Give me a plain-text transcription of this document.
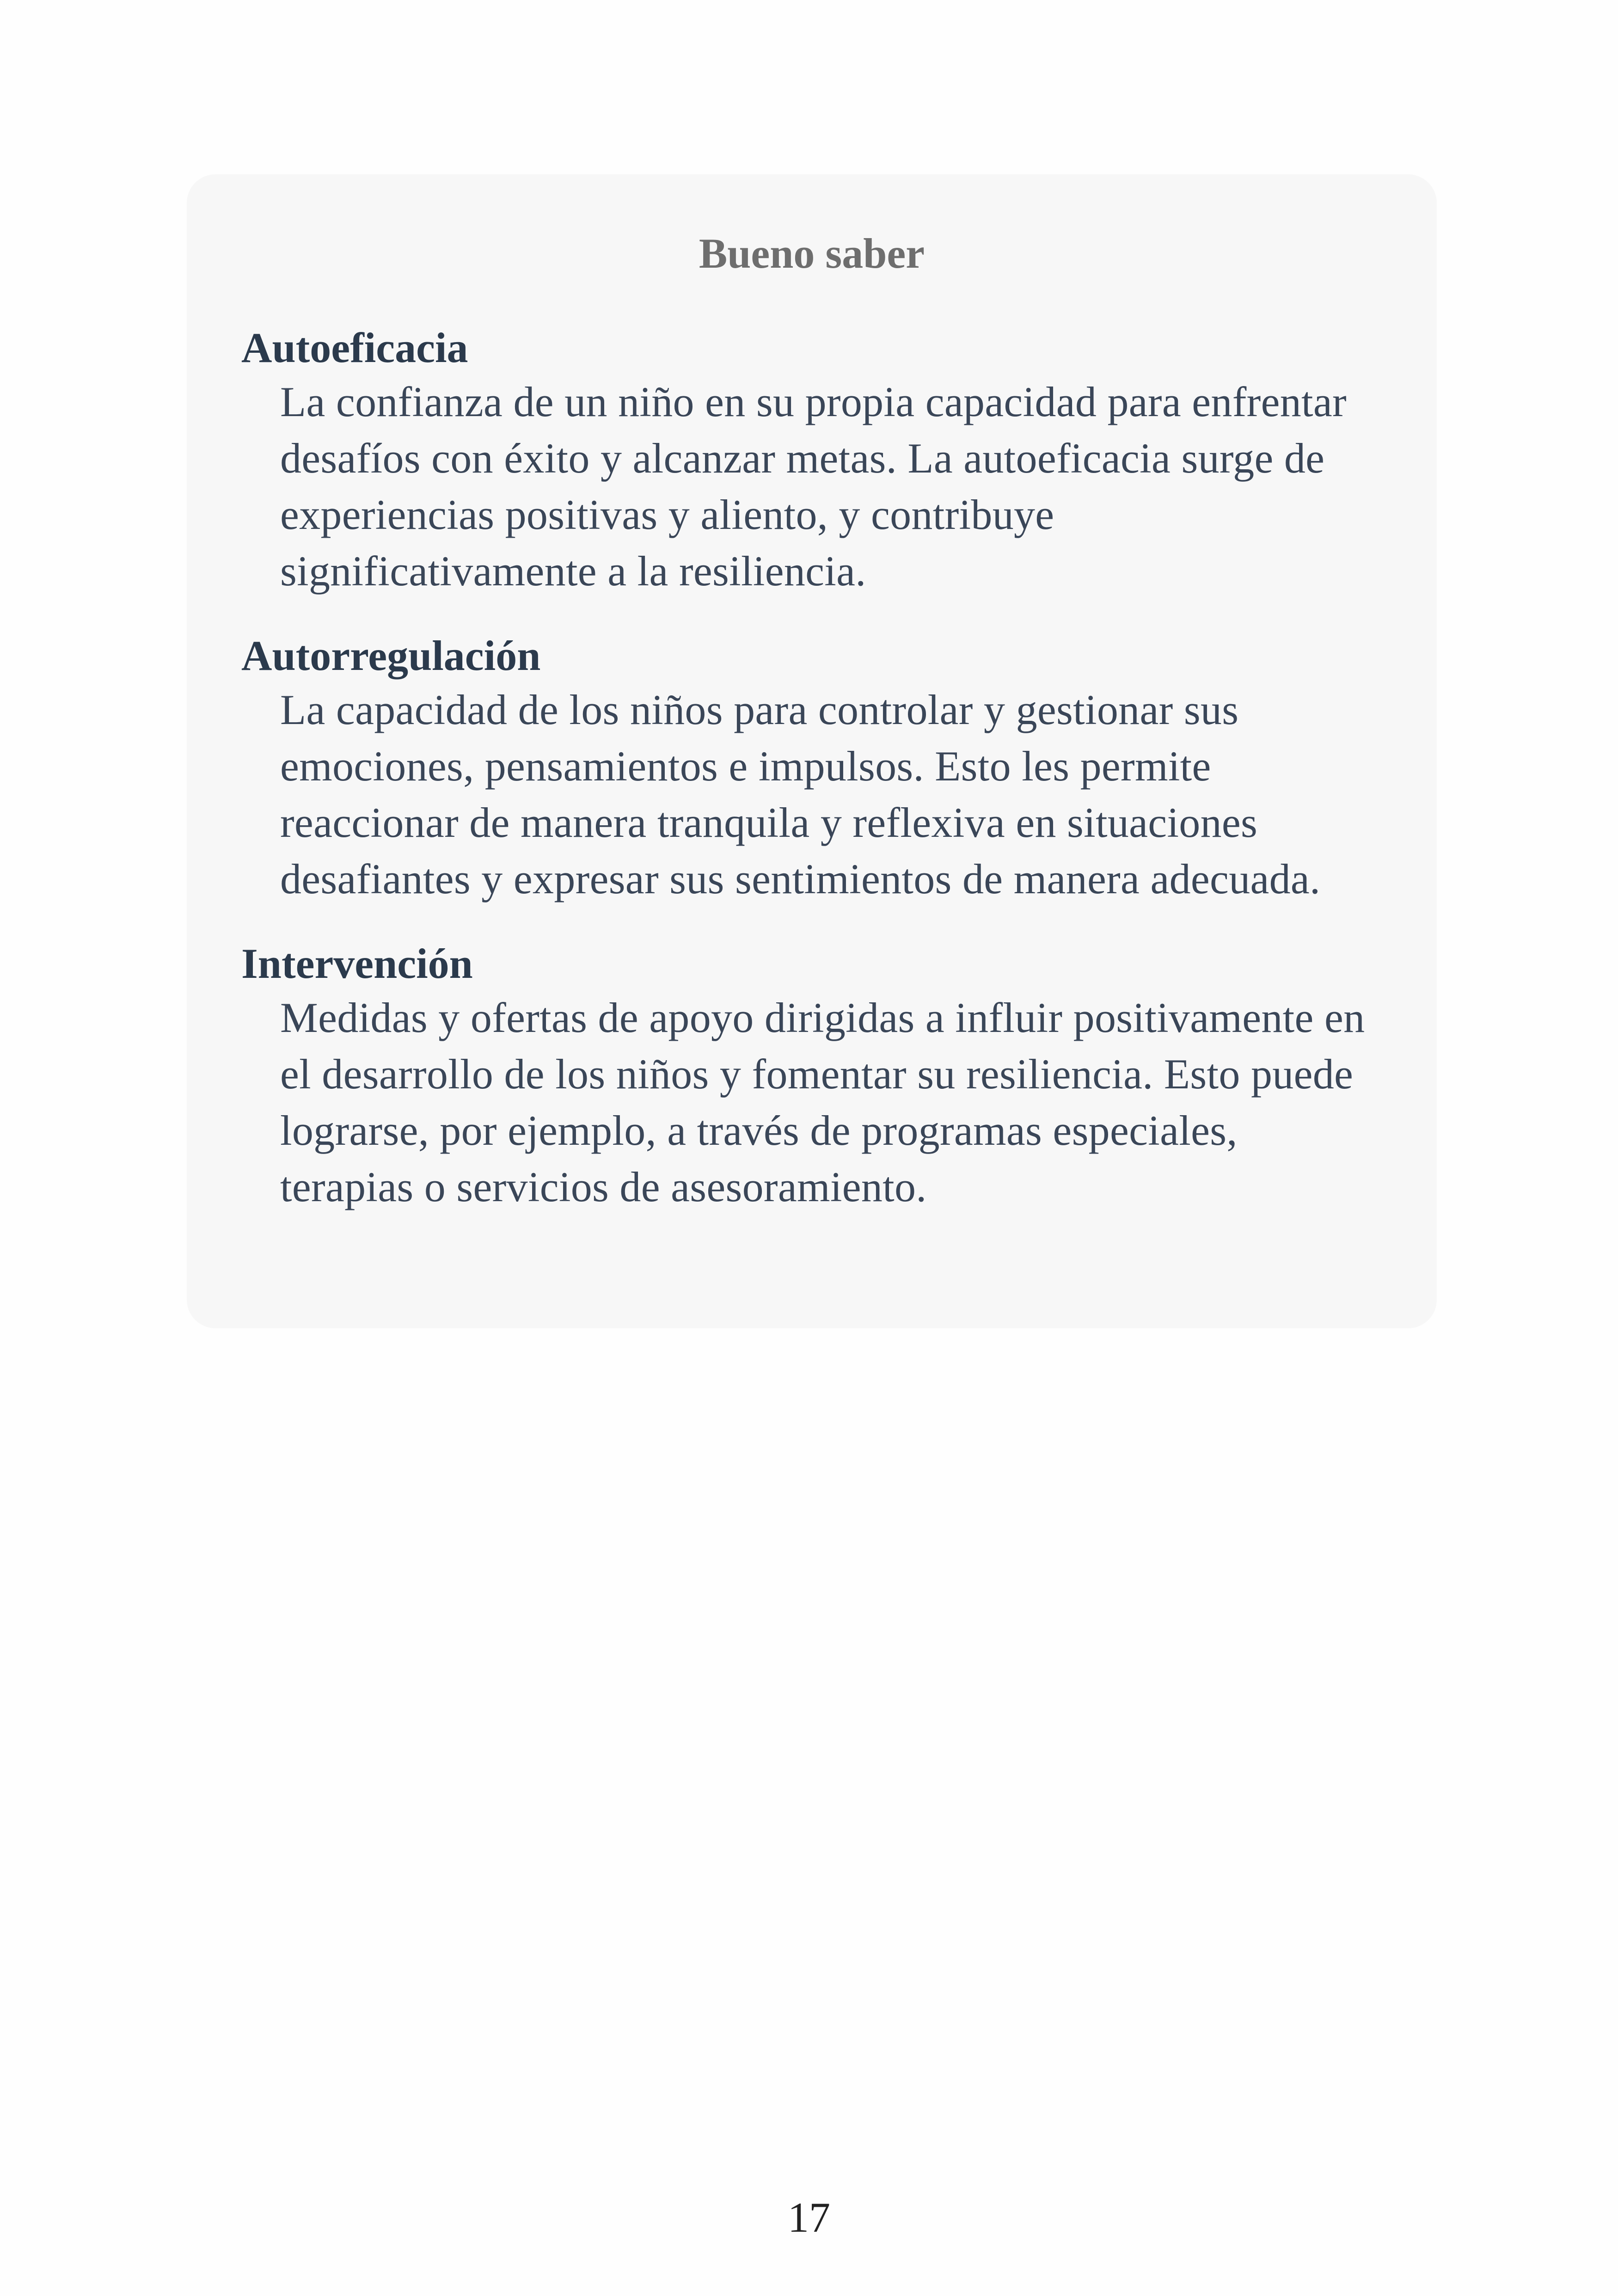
Bueno saber
Autoeficacia
La confianza de un niño en su propia capacidad para enfrentar
desafíos con éxito y alcanzar metas. La autoeficacia surge de
experiencias positivas y aliento, y contribuye
significativamente a la resiliencia.
Autorregulación
La capacidad de los niños para controlar y gestionar sus
emociones, pensamientos e impulsos. Esto les permite
reaccionar de manera tranquila y reflexiva en situaciones
desafiantes y expresar sus sentimientos de manera adecuada.
Intervención
Medidas y ofertas de apoyo dirigidas a influir positivamente en
el desarrollo de los niños y fomentar su resiliencia. Esto puede
lograrse, por ejemplo, a través de programas especiales,
terapias o servicios de asesoramiento.
17
